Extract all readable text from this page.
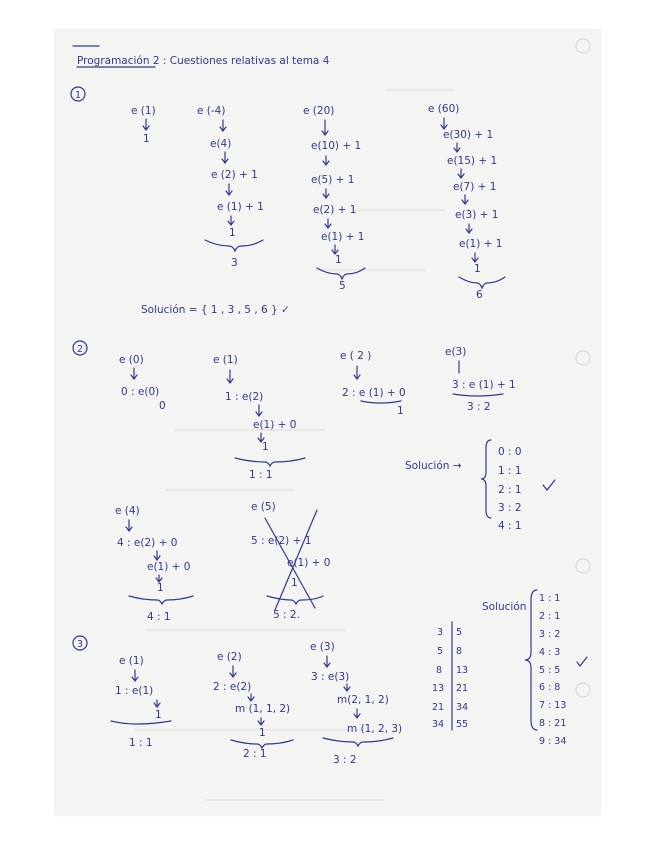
Programación 2 : Cuestiones relativas al tema 4
1
e (1)
1
e (-4)
e(4)
e (2) + 1
e (1) + 1
1
3
e (20)
e(10) + 1
e(5) + 1
e(2) + 1
e(1) + 1
1
5
e (60)
e(30) + 1
e(15) + 1
e(7) + 1
e(3) + 1
e(1) + 1
1
6
Solución = { 1 , 3 , 5 , 6 } ✓
2
e (0)
0 : e(0)
0
e (1)
1 : e(2)
e(1) + 0
1
1 : 1
e ( 2 )
2 : e (1) + 0
1
e(3)
3 : e (1) + 1
3 : 2
Solución →
0 : 0
1 : 1
2 : 1
3 : 2
4 : 1
e (4)
4 : e(2) + 0
e(1) + 0
1
4 : 1
e (5)
5 : e(2) + 1
e(1) + 0
1
5 : 2.
3
e (1)
1 : e(1)
1
1 : 1
e (2)
2 : e(2)
m (1, 1, 2)
1
2 : 1
e (3)
3 : e(3)
m(2, 1, 2)
m (1, 2, 3)
3 : 2
3
5
8
13
21
34
5
8
13
21
34
55
Solución
1 : 1
2 : 1
3 : 2
4 : 3
5 : 5
6 : 8
7 : 13
8 : 21
9 : 34
